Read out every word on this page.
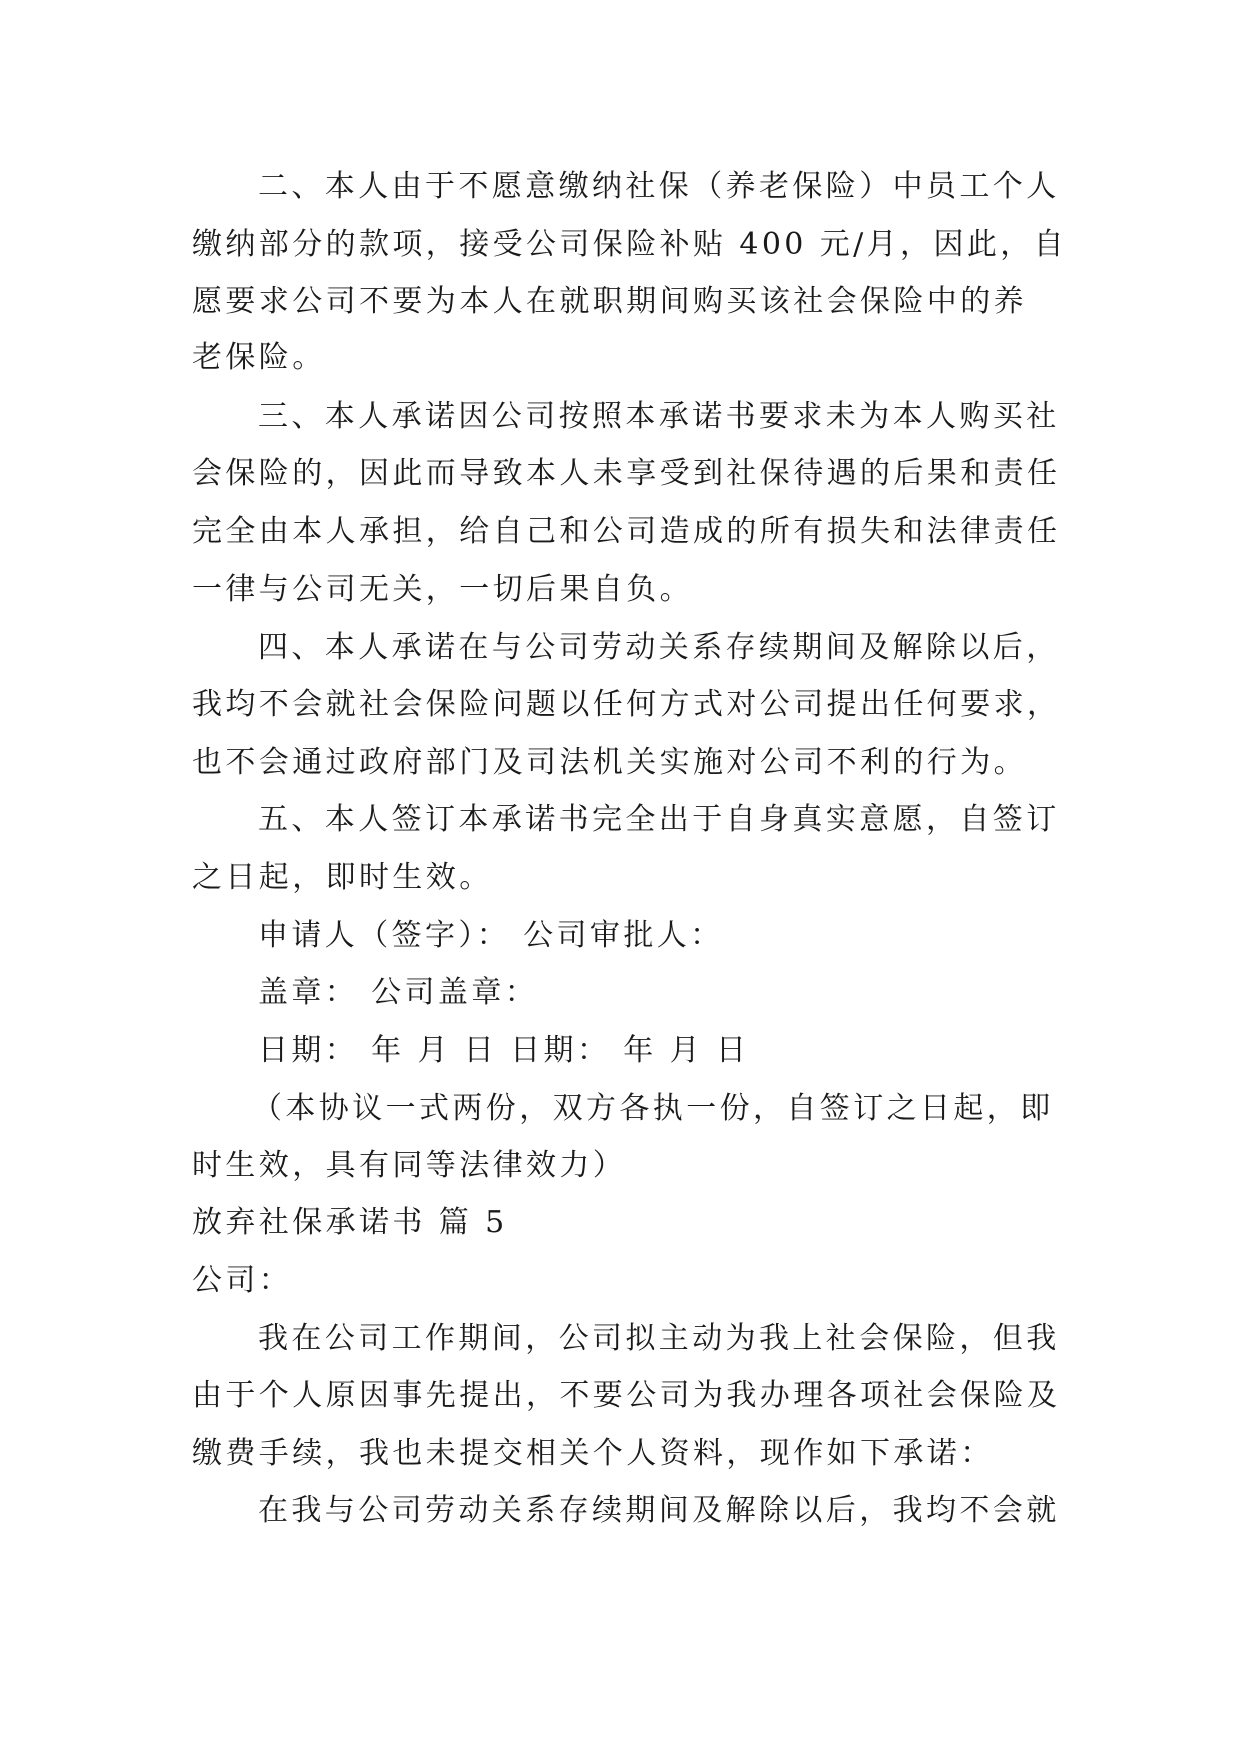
二、本人由于不愿意缴纳社保（养老保险）中员工个人
缴纳部分的款项，接受公司保险补贴 400 元/月，因此，自
愿要求公司不要为本人在就职期间购买该社会保险中的养
老保险。
三、本人承诺因公司按照本承诺书要求未为本人购买社
会保险的，因此而导致本人未享受到社保待遇的后果和责任
完全由本人承担，给自己和公司造成的所有损失和法律责任
一律与公司无关，一切后果自负。
四、本人承诺在与公司劳动关系存续期间及解除以后，
我均不会就社会保险问题以任何方式对公司提出任何要求，
也不会通过政府部门及司法机关实施对公司不利的行为。
五、本人签订本承诺书完全出于自身真实意愿，自签订
之日起，即时生效。
申请人（签字）： 公司审批人：
盖章： 公司盖章：
日期： 年 月 日 日期： 年 月 日
（本协议一式两份，双方各执一份，自签订之日起，即
时生效，具有同等法律效力）
放弃社保承诺书 篇 5
公司：
我在公司工作期间，公司拟主动为我上社会保险，但我
由于个人原因事先提出，不要公司为我办理各项社会保险及
缴费手续，我也未提交相关个人资料，现作如下承诺：
在我与公司劳动关系存续期间及解除以后，我均不会就
